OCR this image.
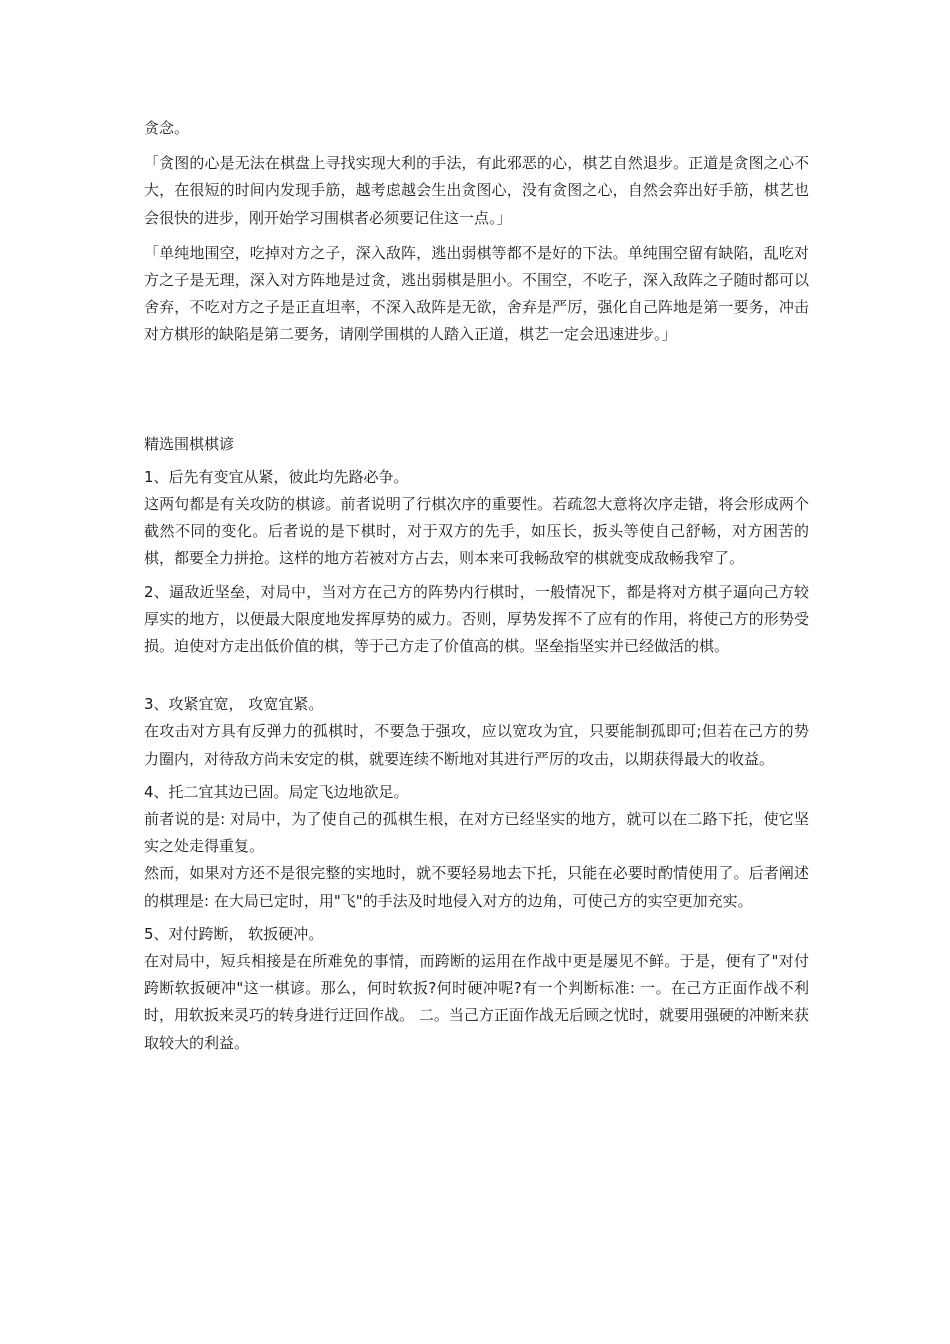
贪念。

「贪图的心是无法在棋盘上寻找实现大利的手法，有此邪恶的心，棋艺自然退步。正道是贪图之心不大，在很短的时间内发现手筋，越考虑越会生出贪图心，没有贪图之心，自然会弈出好手筋，棋艺也会很快的进步，刚开始学习围棋者必须要记住这一点。」

「单纯地围空，吃掉对方之子，深入敌阵，逃出弱棋等都不是好的下法。单纯围空留有缺陷，乱吃对方之子是无理，深入对方阵地是过贪，逃出弱棋是胆小。不围空，不吃子，深入敌阵之子随时都可以舍弃，不吃对方之子是正直坦率，不深入敌阵是无欲，舍弃是严厉，强化自己阵地是第一要务，冲击对方棋形的缺陷是第二要务，请刚学围棋的人踏入正道，棋艺一定会迅速进步。」

精选围棋棋谚

1、后先有变宜从紧，彼此均先路必争。

这两句都是有关攻防的棋谚。前者说明了行棋次序的重要性。若疏忽大意将次序走错，将会形成两个截然不同的变化。后者说的是下棋时，对于双方的先手，如压长，扳头等使自己舒畅，对方困苦的棋，都要全力拼抢。这样的地方若被对方占去，则本来可我畅敌窄的棋就变成敌畅我窄了。

2、逼敌近坚垒，对局中，当对方在己方的阵势内行棋时，一般情况下，都是将对方棋子逼向己方较厚实的地方，以便最大限度地发挥厚势的威力。否则，厚势发挥不了应有的作用，将使己方的形势受损。迫使对方走出低价值的棋，等于己方走了价值高的棋。坚垒指坚实并已经做活的棋。

3、攻紧宜宽， 攻宽宜紧。

在攻击对方具有反弹力的孤棋时，不要急于强攻，应以宽攻为宜，只要能制孤即可;但若在己方的势力圈内，对待敌方尚未安定的棋，就要连续不断地对其进行严厉的攻击，以期获得最大的收益。

4、托二宜其边已固。局定飞边地欲足。

前者说的是: 对局中，为了使自己的孤棋生根，在对方已经坚实的地方，就可以在二路下托，使它坚实之处走得重复。

然而，如果对方还不是很完整的实地时，就不要轻易地去下托，只能在必要时酌情使用了。后者阐述的棋理是: 在大局已定时，用"飞"的手法及时地侵入对方的边角，可使己方的实空更加充实。

5、对付跨断， 软扳硬冲。

在对局中，短兵相接是在所难免的事情，而跨断的运用在作战中更是屡见不鲜。于是，便有了"对付跨断软扳硬冲"这一棋谚。那么，何时软扳?何时硬冲呢?有一个判断标准: 一。在己方正面作战不利时，用软扳来灵巧的转身进行迂回作战。 二。当己方正面作战无后顾之忧时，就要用强硬的冲断来获取较大的利益。
